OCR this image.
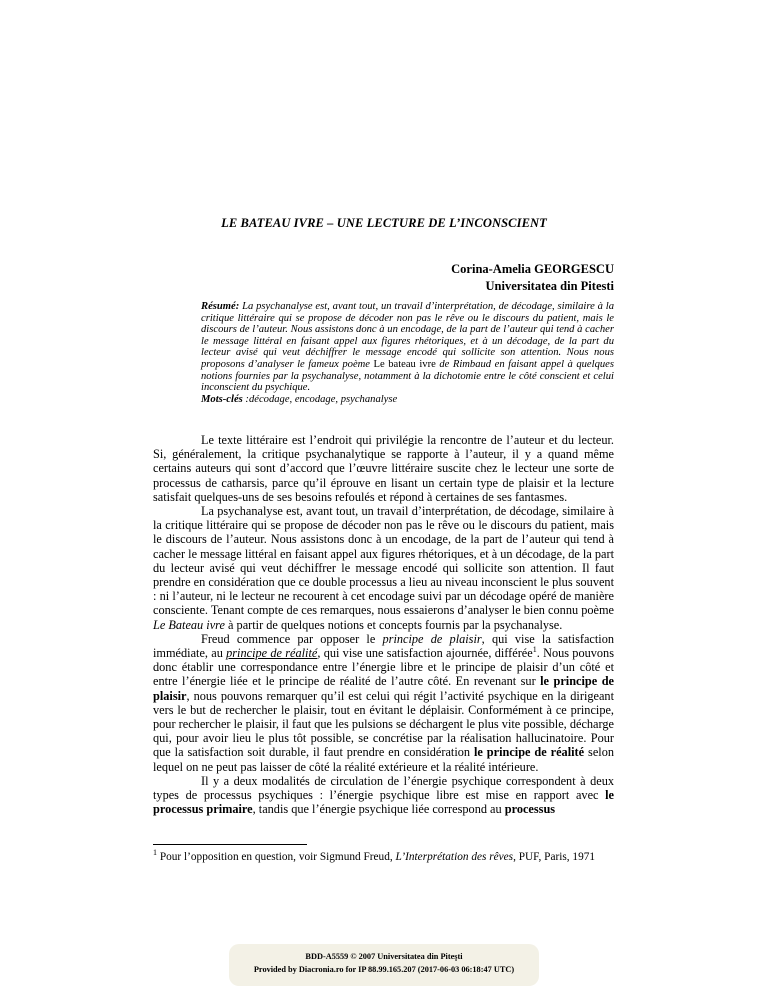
LE BATEAU IVRE – UNE LECTURE DE L’INCONSCIENT
Corina-Amelia GEORGESCU
Universitatea din Pitesti

Résumé: La psychanalyse est, avant tout, un travail d’interprétation, de décodage, similaire à la critique littéraire qui se propose de décoder non pas le rêve ou le discours du patient, mais le discours de l’auteur. Nous assistons donc à un encodage, de la part de l’auteur qui tend à cacher le message littéral en faisant appel aux figures rhétoriques, et à un décodage, de la part du lecteur avisé qui veut déchiffrer le message encodé qui sollicite son attention. Nous nous proposons d’analyser le fameux poème Le bateau ivre de Rimbaud en faisant appel à quelques notions fournies par la psychanalyse, notamment à la dichotomie entre le côté conscient et celui inconscient du psychique.

Mots-clés :décodage, encodage, psychanalyse

Le texte littéraire est l’endroit qui privilégie la rencontre de l’auteur et du lecteur. Si, généralement, la critique psychanalytique se rapporte à l’auteur, il y a quand même certains auteurs qui sont d’accord que l’œuvre littéraire suscite chez le lecteur une sorte de processus de catharsis, parce qu’il éprouve en lisant un certain type de plaisir et la lecture satisfait quelques-uns de ses besoins refoulés et répond à certaines de ses fantasmes.

La psychanalyse est, avant tout, un travail d’interprétation, de décodage, similaire à la critique littéraire qui se propose de décoder non pas le rêve ou le discours du patient, mais le discours de l’auteur. Nous assistons donc à un encodage, de la part de l’auteur qui tend à cacher le message littéral en faisant appel aux figures rhétoriques, et à un décodage, de la part du lecteur avisé qui veut déchiffrer le message encodé qui sollicite son attention. Il faut prendre en considération que ce double processus a lieu au niveau inconscient le plus souvent : ni l’auteur, ni le lecteur ne recourent à cet encodage suivi par un décodage opéré de manière consciente. Tenant compte de ces remarques, nous essaierons d’analyser le bien connu poème Le Bateau ivre à partir de quelques notions et concepts fournis par la psychanalyse.

Freud commence par opposer le principe de plaisir, qui vise la satisfaction immédiate, au principe de réalité, qui vise une satisfaction ajournée, différée$^1$. Nous pouvons donc établir une correspondance entre l’énergie libre et le principe de plaisir d’un côté et entre l’énergie liée et le principe de réalité de l’autre côté. En revenant sur le principe de plaisir, nous pouvons remarquer qu’il est celui qui régit l’activité psychique en la dirigeant vers le but de rechercher le plaisir, tout en évitant le déplaisir. Conformément à ce principe, pour rechercher le plaisir, il faut que les pulsions se déchargent le plus vite possible, décharge qui, pour avoir lieu le plus tôt possible, se concrétise par la réalisation hallucinatoire. Pour que la satisfaction soit durable, il faut prendre en considération le principe de réalité selon lequel on ne peut pas laisser de côté la réalité extérieure et la réalité intérieure.

Il y a deux modalités de circulation de l’énergie psychique correspondent à deux types de processus psychiques : l’énergie psychique libre est mise en rapport avec le processus primaire, tandis que l’énergie psychique liée correspond au processus

$^1$ Pour l’opposition en question, voir Sigmund Freud, L’Interprétation des rêves, PUF, Paris, 1971
BDD-A5559 © 2007 Universitatea din Piteşti
Provided by Diacronia.ro for IP 88.99.165.207 (2017-06-03 06:18:47 UTC)
